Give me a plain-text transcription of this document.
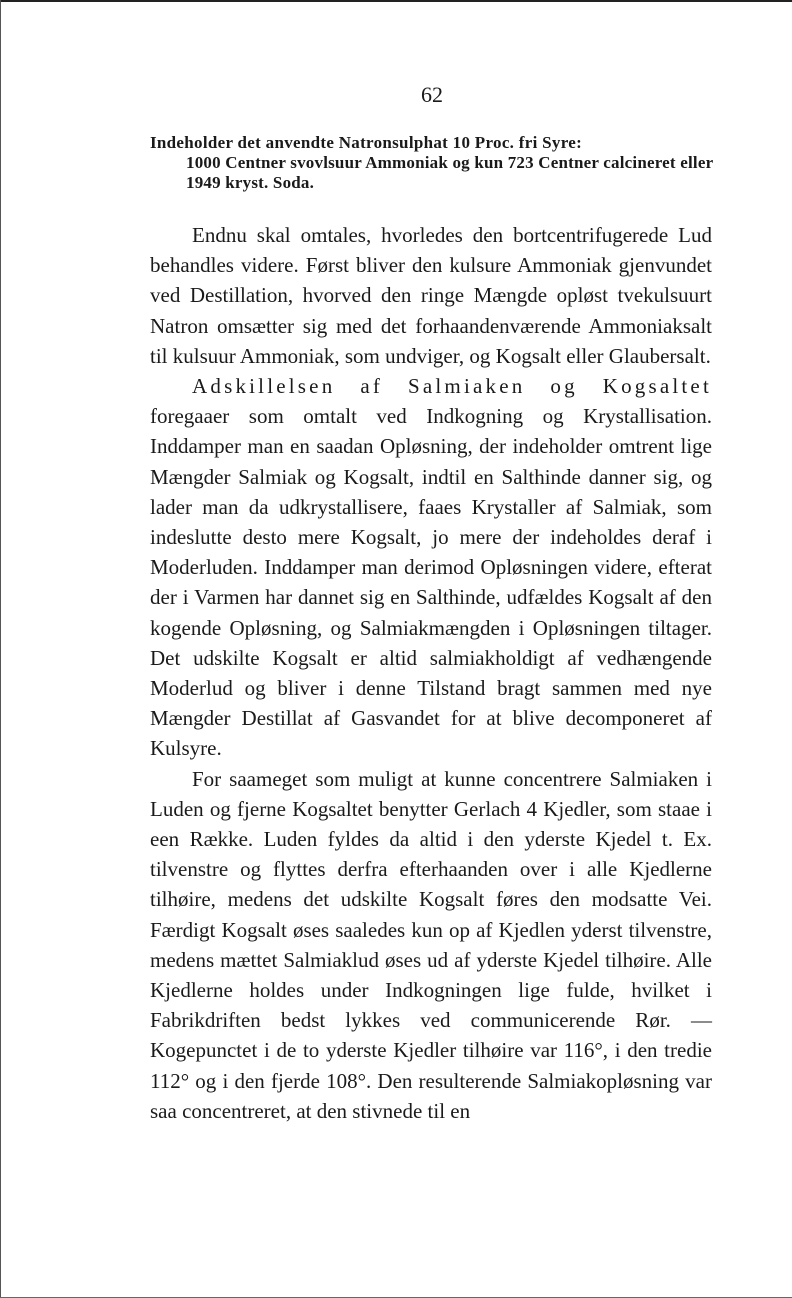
62
Indeholder det anvendte Natronsulphat 10 Proc. fri Syre:
1000 Centner svovlsuur Ammoniak og kun 723 Centner calcineret eller 1949 kryst. Soda.

Endnu skal omtales, hvorledes den bortcentrifugerede Lud behandles videre. Først bliver den kulsure Ammoniak gjenvundet ved Destillation, hvorved den ringe Mængde opløst tvekulsuurt Natron omsætter sig med det forhaandenværende Ammoniaksalt til kulsuur Ammoniak, som undviger, og Kogsalt eller Glaubersalt.

Adskillelsen af Salmiaken og Kogsaltet foregaaer som omtalt ved Indkogning og Krystallisation. Inddamper man en saadan Opløsning, der indeholder omtrent lige Mængder Salmiak og Kogsalt, indtil en Salthinde danner sig, og lader man da udkrystallisere, faaes Krystaller af Salmiak, som indeslutte desto mere Kogsalt, jo mere der indeholdes deraf i Moderluden. Inddamper man derimod Opløsningen videre, efterat der i Varmen har dannet sig en Salthinde, udfældes Kogsalt af den kogende Opløsning, og Salmiakmængden i Opløsningen tiltager. Det udskilte Kogsalt er altid salmiakholdigt af vedhængende Moderlud og bliver i denne Tilstand bragt sammen med nye Mængder Destillat af Gasvandet for at blive decomponeret af Kulsyre.

For saameget som muligt at kunne concentrere Salmiaken i Luden og fjerne Kogsaltet benytter Gerlach 4 Kjedler, som staae i een Række. Luden fyldes da altid i den yderste Kjedel t. Ex. tilvenstre og flyttes derfra efterhaanden over i alle Kjedlerne tilhøire, medens det udskilte Kogsalt føres den modsatte Vei. Færdigt Kogsalt øses saaledes kun op af Kjedlen yderst tilvenstre, medens mættet Salmiaklud øses ud af yderste Kjedel tilhøire. Alle Kjedlerne holdes under Indkogningen lige fulde, hvilket i Fabrikdriften bedst lykkes ved communicerende Rør. — Kogepunctet i de to yderste Kjedler tilhøire var 116°, i den tredie 112° og i den fjerde 108°. Den resulterende Salmiakopløsning var saa concentreret, at den stivnede til en
